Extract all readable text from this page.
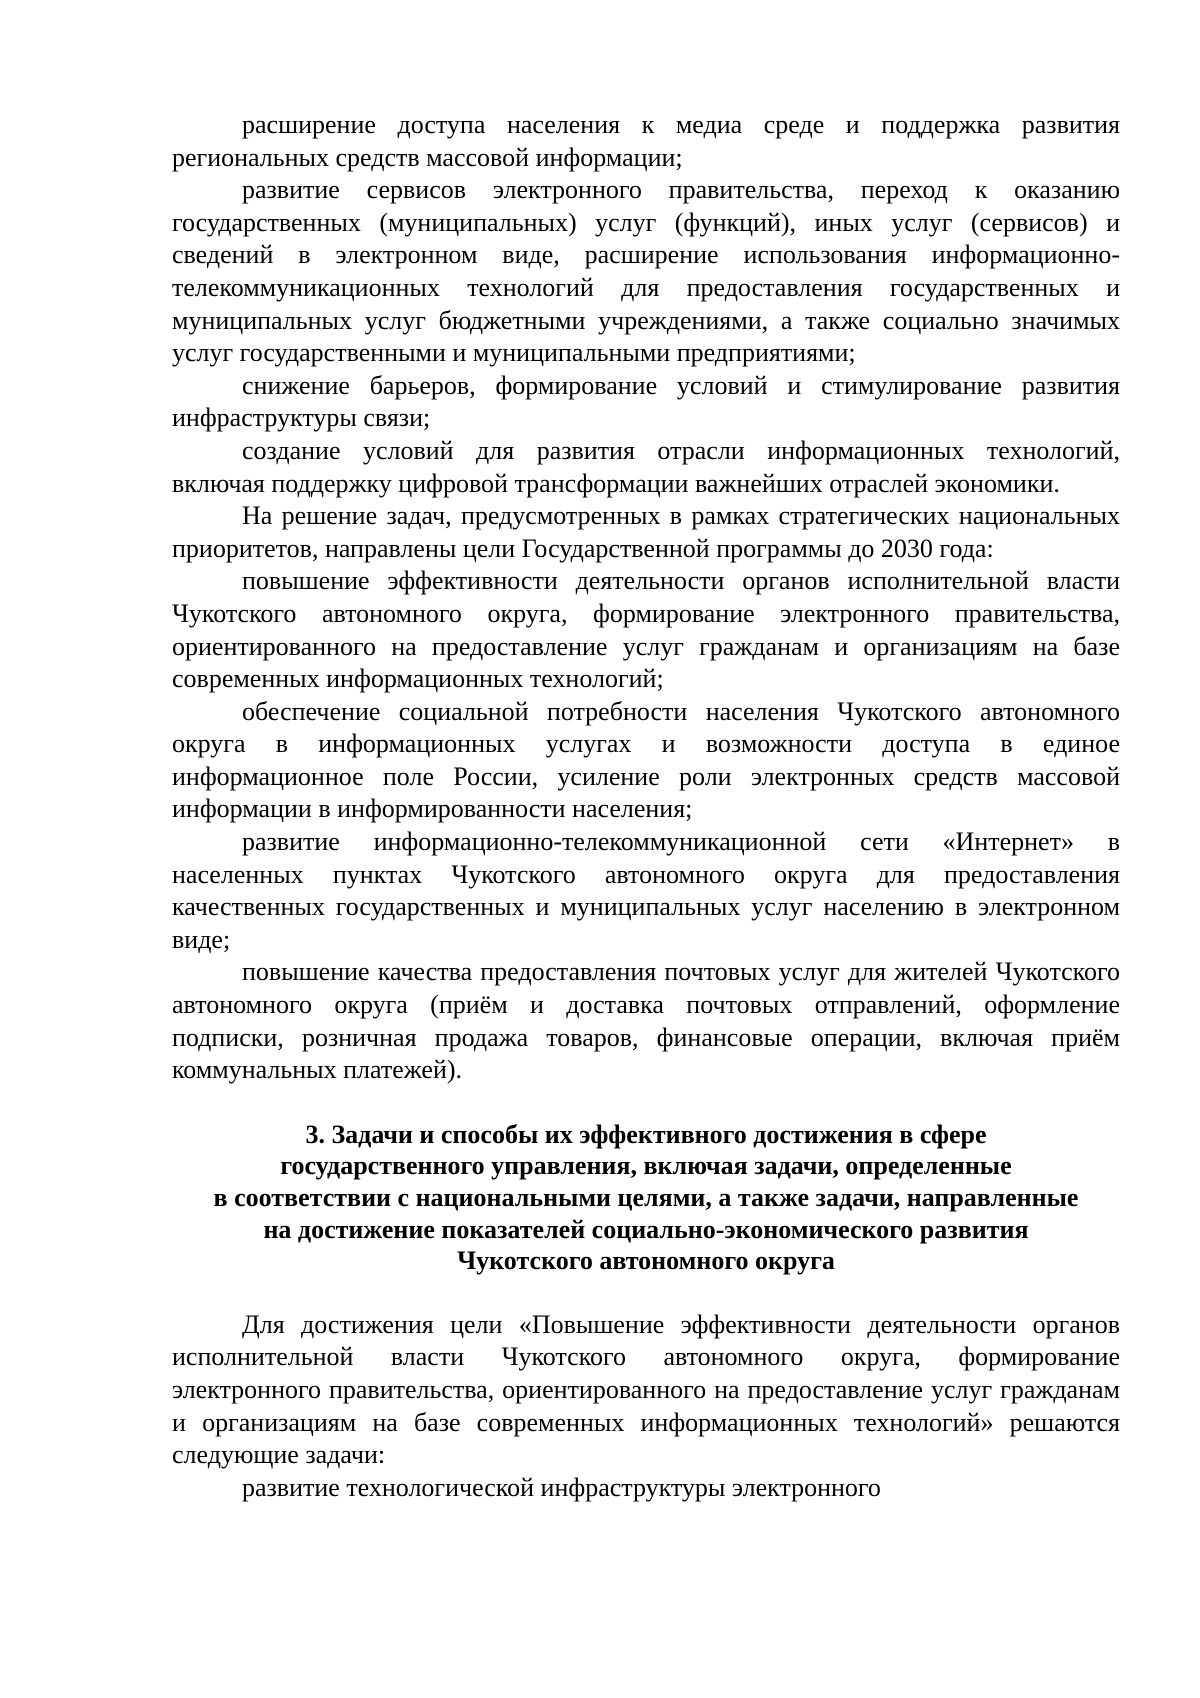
расширение доступа населения к медиа среде и поддержка развития региональных средств массовой информации;

развитие сервисов электронного правительства, переход к оказанию государственных (муниципальных) услуг (функций), иных услуг (сервисов) и сведений в электронном виде, расширение использования информационно-телекоммуникационных технологий для предоставления государственных и муниципальных услуг бюджетными учреждениями, а также социально значимых услуг государственными и муниципальными предприятиями;

снижение барьеров, формирование условий и стимулирование развития инфраструктуры связи;

создание условий для развития отрасли информационных технологий, включая поддержку цифровой трансформации важнейших отраслей экономики.

На решение задач, предусмотренных в рамках стратегических национальных приоритетов, направлены цели Государственной программы до 2030 года:

повышение эффективности деятельности органов исполнительной власти Чукотского автономного округа, формирование электронного правительства, ориентированного на предоставление услуг гражданам и организациям на базе современных информационных технологий;

обеспечение социальной потребности населения Чукотского автономного округа в информационных услугах и возможности доступа в единое информационное поле России, усиление роли электронных средств массовой информации в информированности населения;

развитие информационно-телекоммуникационной сети «Интернет» в населенных пунктах Чукотского автономного округа для предоставления качественных государственных и муниципальных услуг населению в электронном виде;

повышение качества предоставления почтовых услуг для жителей Чукотского автономного округа (приём и доставка почтовых отправлений, оформление подписки, розничная продажа товаров, финансовые операции, включая приём коммунальных платежей).

3. Задачи и способы их эффективного достижения в сфере
государственного управления, включая задачи, определенные
в соответствии с национальными целями, а также задачи, направленные
на достижение показателей социально-экономического развития
Чукотского автономного округа

Для достижения цели «Повышение эффективности деятельности органов исполнительной власти Чукотского автономного округа, формирование электронного правительства, ориентированного на предоставление услуг гражданам и организациям на базе современных информационных технологий» решаются следующие задачи:

развитие технологической инфраструктуры электронного
